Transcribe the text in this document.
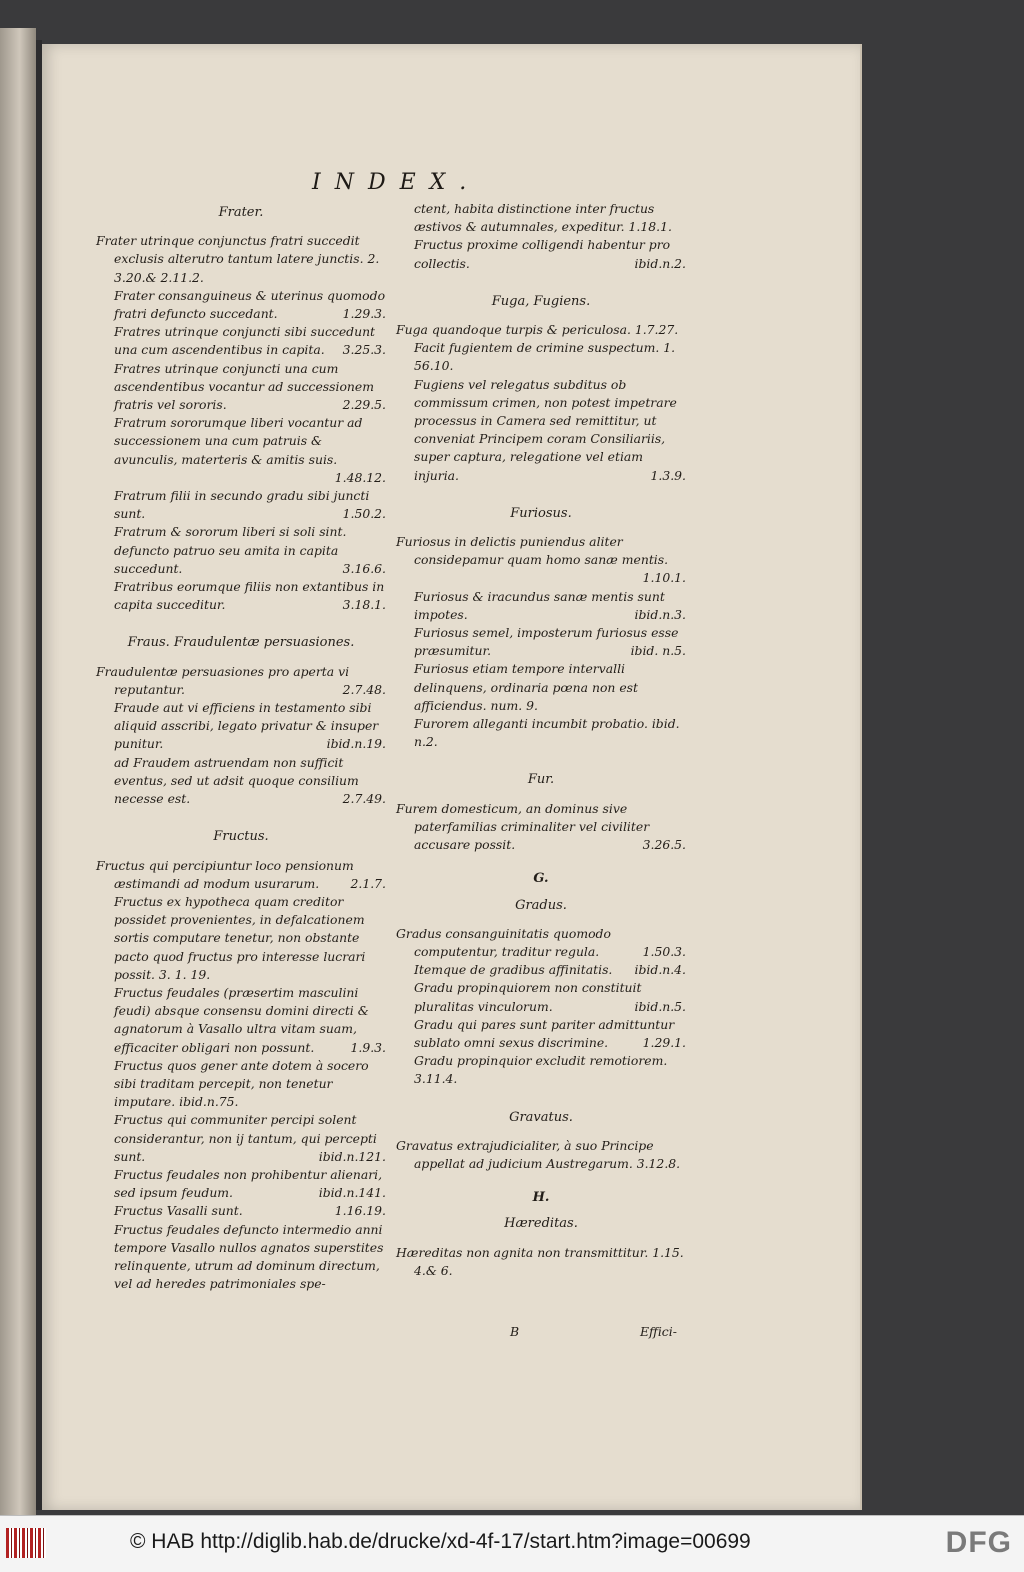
INDEX.
Frater.
Frater utrinque conjunctus fratri succedit exclusis alterutro tantum latere junctis. 2. 3.20.& 2.11.2.
Frater consanguineus & uterinus quomodo fratri defuncto succedant.	1.29.3.
Fratres utrinque conjuncti sibi succedunt una cum ascendentibus in capita. 3.25.3.
Fratres utrinque conjuncti una cum ascendentibus vocantur ad successionem fratris vel sororis.	2.29.5.
Fratrum sororumque liberi vocantur ad successionem una cum patruis & avunculis, materteris & amitis suis.
1.48.12.
Fratrum filii in secundo gradu sibi juncti sunt.	1.50.2.
Fratrum & sororum liberi si soli sint. defuncto patruo seu amita in capita succedunt.	3.16.6.
Fratribus eorumque filiis non extantibus in capita succeditur.	3.18.1.
Fraus. Fraudulentæ persuasiones.
Fraudulentæ persuasiones pro aperta vi reputantur.	2.7.48.
Fraude aut vi efficiens in testamento sibi aliquid asscribi, legato privatur & insuper punitur.	ibid.n.19.
ad Fraudem astruendam non sufficit eventus, sed ut adsit quoque consilium necesse est.	2.7.49.
Fructus.
Fructus qui percipiuntur loco pensionum æstimandi ad modum usurarum.	2.1.7.
Fructus ex hypotheca quam creditor possidet provenientes, in defalcationem sortis computare tenetur, non obstante pacto quod fructus pro interesse lucrari possit. 3. 1. 19.
Fructus feudales (præsertim masculini feudi) absque consensu domini directi & agnatorum à Vasallo ultra vitam suam, efficaciter obligari non possunt.	1.9.3.
Fructus quos gener ante dotem à socero sibi traditam percepit, non tenetur imputare. ibid.n.75.
Fructus qui communiter percipi solent considerantur, non ij tantum, qui percepti sunt.	ibid.n.121.
Fructus feudales non prohibentur alienari, sed ipsum feudum.	ibid.n.141.
Fructus Vasalli sunt.	1.16.19.
Fructus feudales defuncto intermedio anni tempore Vasallo nullos agnatos superstites relinquente, utrum ad dominum directum, vel ad heredes patrimoniales spe-
ctent, habita distinctione inter fructus æstivos & autumnales, expeditur. 1.18.1.
Fructus proxime colligendi habentur pro collectis.	ibid.n.2.
Fuga, Fugiens.
Fuga quandoque turpis & periculosa. 1.7.27.
Facit fugientem de crimine suspectum. 1. 56.10.
Fugiens vel relegatus subditus ob commissum crimen, non potest impetrare processus in Camera sed remittitur, ut conveniat Principem coram Consiliariis, super captura, relegatione vel etiam injuria.	1.3.9.
Furiosus.
Furiosus in delictis puniendus aliter considератur quam homo sanæ mentis.
1.10.1.
Furiosus & iracundus sanæ mentis sunt impotes.	ibid.n.3.
Furiosus semel, imposterum furiosus esse præsumitur.	ibid. n.5.
Furiosus etiam tempore intervalli delinquens, ordinaria pœna non est afficiendus. num. 9.
Furorem alleganti incumbit probatio. ibid. n.2.
Fur.
Furem domesticum, an dominus sive paterfamilias criminaliter vel civiliter accusare possit.	3.26.5.
G.
Gradus.
Gradus consanguinitatis quomodo computentur, traditur regula.	1.50.3.
Itemque de gradibus affinitatis. ibid.n.4.
Gradu propinquiorem non constituit pluralitas vinculorum.	ibid.n.5.
Gradu qui pares sunt pariter admittuntur sublato omni sexus discrimine.	1.29.1.
Gradu propinquior excludit remotiorem. 3.11.4.
Gravatus.
Gravatus extrajudicialiter, à suo Principe appellat ad judicium Austregarum. 3.12.8.
H.
Hæreditas.
Hæreditas non agnita non transmittitur. 1.15. 4.& 6.
B	Effici-
© HAB http://diglib.hab.de/drucke/xd-4f-17/start.htm?image=00699	DFG
